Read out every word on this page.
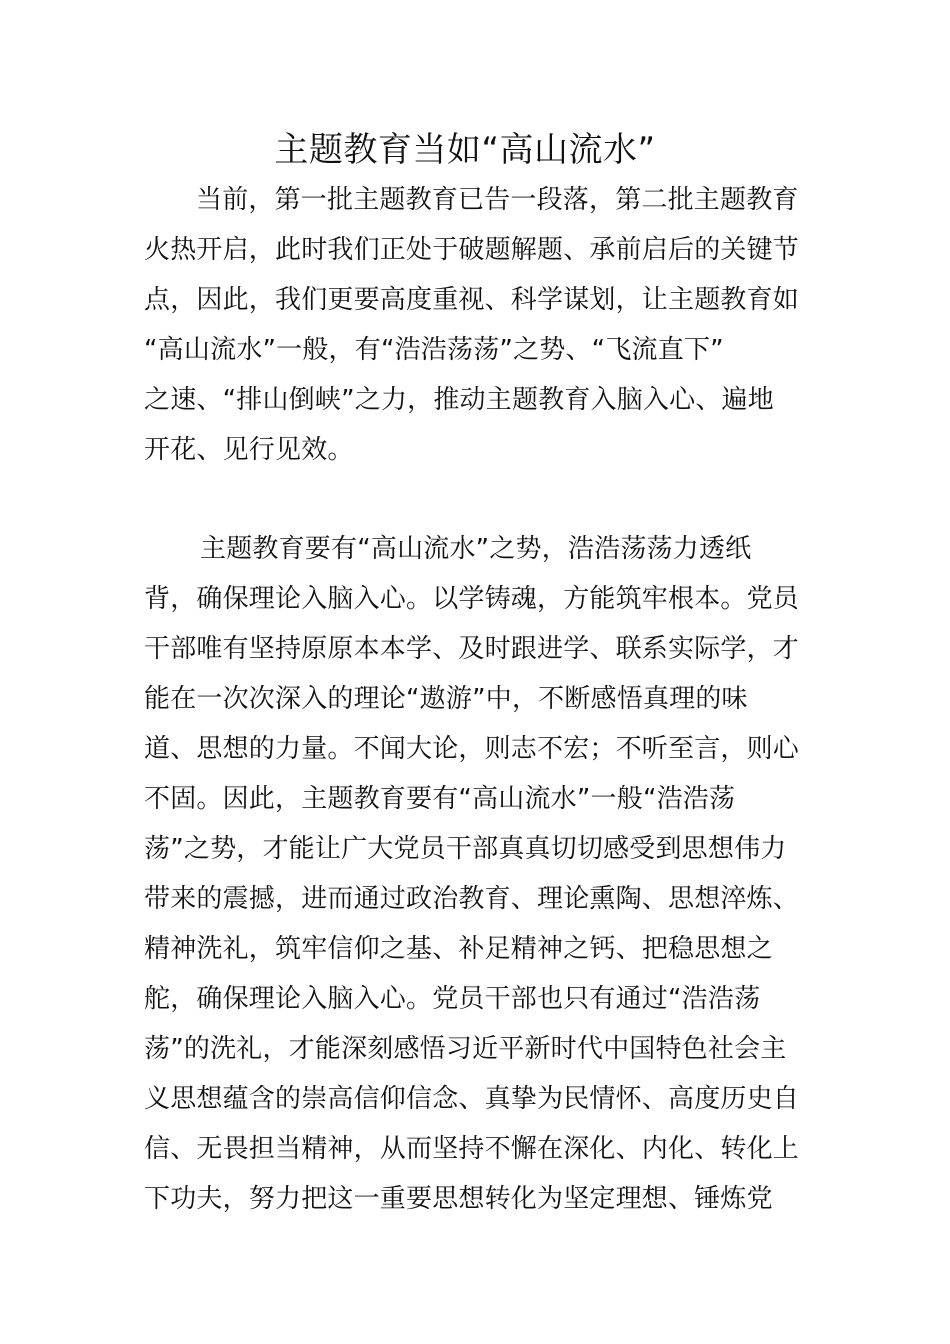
主题教育当如“高山流水”
当前，第一批主题教育已告一段落，第二批主题教育
火热开启，此时我们正处于破题解题、承前启后的关键节
点，因此，我们更要高度重视、科学谋划，让主题教育如
“高山流水”一般，有“浩浩荡荡”之势、“飞流直下”
之速、“排山倒峡”之力，推动主题教育入脑入心、遍地
开花、见行见效。
主题教育要有“高山流水”之势，浩浩荡荡力透纸
背，确保理论入脑入心。以学铸魂，方能筑牢根本。党员
干部唯有坚持原原本本学、及时跟进学、联系实际学，才
能在一次次深入的理论“遨游”中，不断感悟真理的味
道、思想的力量。不闻大论，则志不宏；不听至言，则心
不固。因此，主题教育要有“高山流水”一般“浩浩荡
荡”之势，才能让广大党员干部真真切切感受到思想伟力
带来的震撼，进而通过政治教育、理论熏陶、思想淬炼、
精神洗礼，筑牢信仰之基、补足精神之钙、把稳思想之
舵，确保理论入脑入心。党员干部也只有通过“浩浩荡
荡”的洗礼，才能深刻感悟习近平新时代中国特色社会主
义思想蕴含的崇高信仰信念、真挚为民情怀、高度历史自
信、无畏担当精神，从而坚持不懈在深化、内化、转化上
下功夫，努力把这一重要思想转化为坚定理想、锤炼党
